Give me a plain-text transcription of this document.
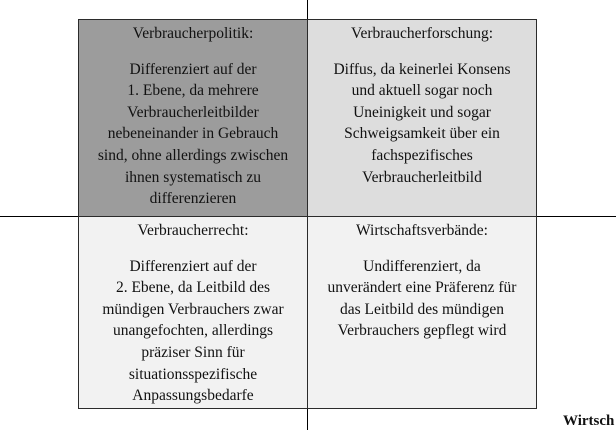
Verbraucherpolitik:
Differenziert auf der
1. Ebene, da mehrere
Verbraucherleitbilder
nebeneinander in Gebrauch
sind, ohne allerdings zwischen
ihnen systematisch zu
differenzieren
Verbraucherforschung:
Diffus, da keinerlei Konsens
und aktuell sogar noch
Uneinigkeit und sogar
Schweigsamkeit über ein
fachspezifisches
Verbraucherleitbild
Verbraucherrecht:
Differenziert auf der
2. Ebene, da Leitbild des
mündigen Verbrauchers zwar
unangefochten, allerdings
präziser Sinn für
situationsspezifische
Anpassungsbedarfe
Wirtschaftsverbände:
Undifferenziert, da
unverändert eine Präferenz für
das Leitbild des mündigen
Verbrauchers gepflegt wird
Wirtsch
